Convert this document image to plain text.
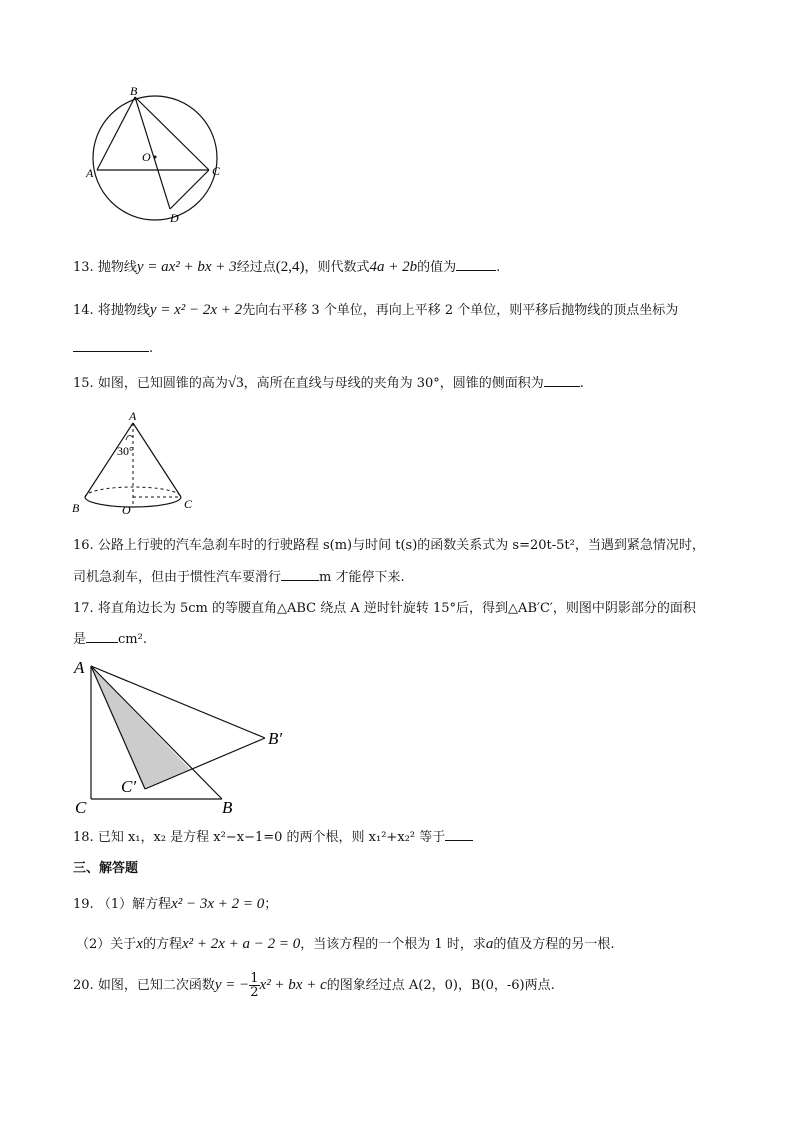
B
A	C
O
D
13. 抛物线y = ax² + bx + 3经过点(2,4)，则代数式4a + 2b的值为	.
14. 将抛物线y = x² − 2x + 2先向右平移 3 个单位，再向上平移 2 个单位，则平移后抛物线的顶点坐标为
.
15. 如图，已知圆锥的高为√3，高所在直线与母线的夹角为 30°，圆锥的侧面积为	.
A
30°
B	C
O
16. 公路上行驶的汽车急刹车时的行驶路程 s(m)与时间 t(s)的函数关系式为 s=20t-5t²，当遇到紧急情况时，
司机急刹车，但由于惯性汽车要滑行	m 才能停下来.
17. 将直角边长为 5cm 的等腰直角△ABC 绕点 A 逆时针旋转 15°后，得到△AB′C′，则图中阴影部分的面积
是 cm².
A
C	B
B′
C′
18. 已知 x₁，x₂ 是方程 x²−x−1=0 的两个根，则 x₁²+x₂² 等于
三、解答题
19. （1）解方程x² − 3x + 2 = 0；
（2）关于x的方程x² + 2x + a − 2 = 0，当该方程的一个根为 1 时，求a的值及方程的另一根.
20. 如图，已知二次函数y = − $\frac{1}{2} x^2$ + bx + c的图象经过点 A(2，0)，B(0，-6)两点.
